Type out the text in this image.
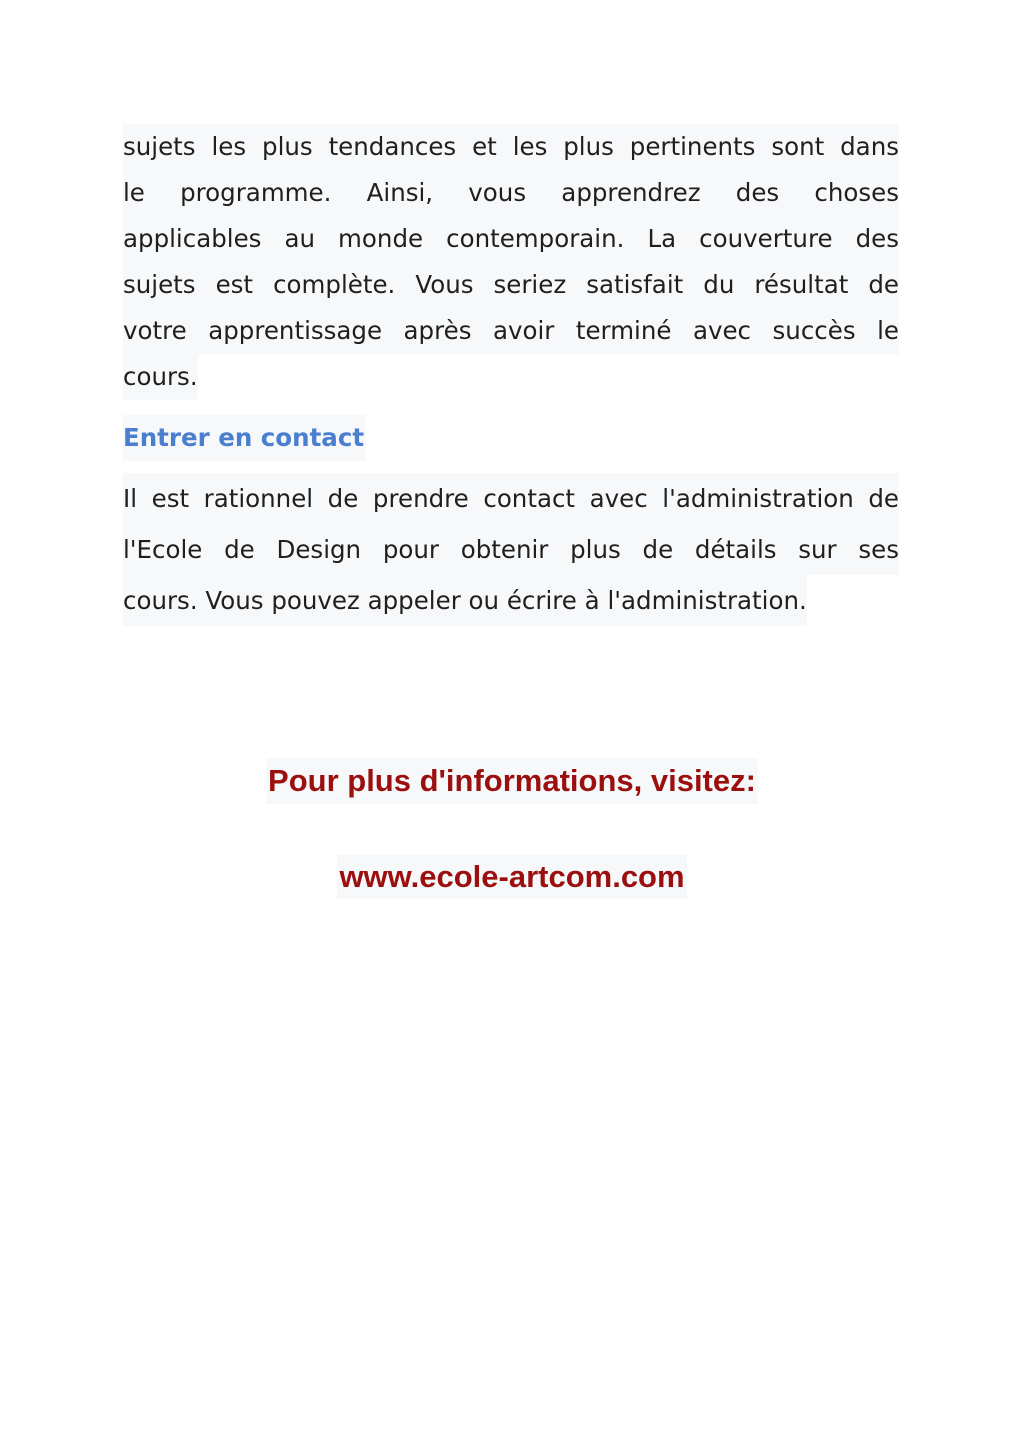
sujets les plus tendances et les plus pertinents sont dans
le programme. Ainsi, vous apprendrez des choses
applicables au monde contemporain. La couverture des
sujets est complète. Vous seriez satisfait du résultat de
votre apprentissage après avoir terminé avec succès le
cours.

Entrer en contact

Il est rationnel de prendre contact avec l'administration de
l'Ecole de Design pour obtenir plus de détails sur ses
cours. Vous pouvez appeler ou écrire à l'administration.

Pour plus d'informations, visitez:
www.ecole-artcom.com
